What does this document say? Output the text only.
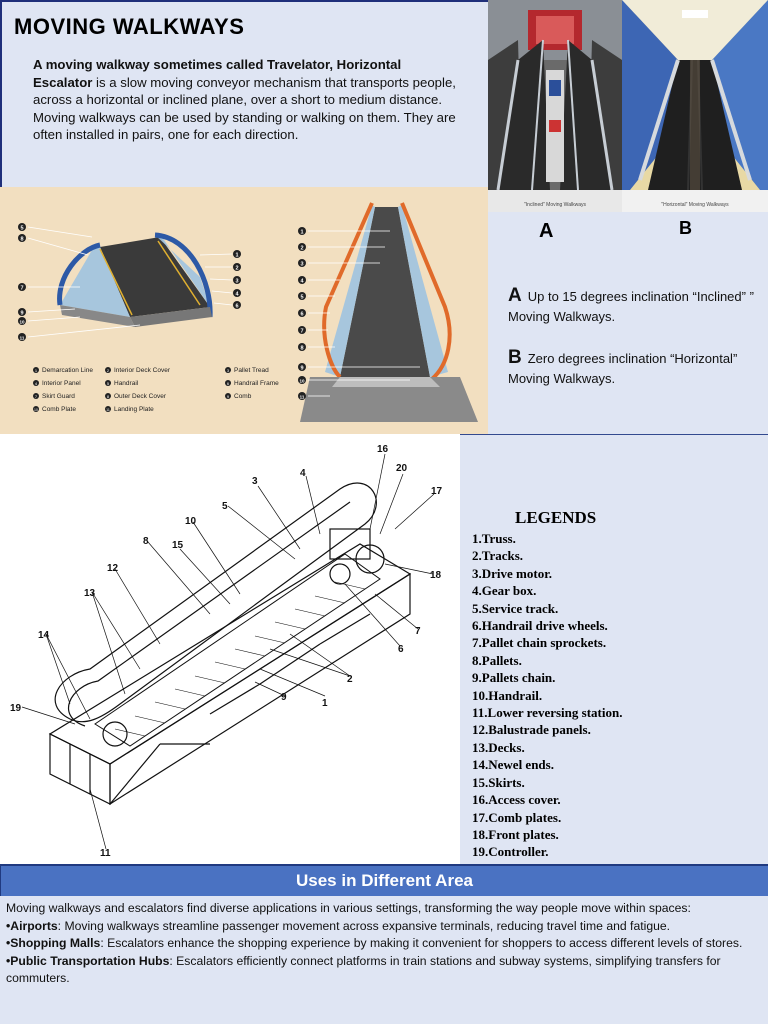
MOVING WALKWAYS

A moving walkway sometimes called Travelator, Horizontal Escalator is a slow moving conveyor mechanism that transports people, across a horizontal or inclined plane, over a short to medium distance. Moving walkways can be used by standing or walking on them. They are often installed in pairs, one for each direction.

"Inclined" Moving Walkways	"Horizontal" Moving Walkways
A	B
A Up to 15 degrees inclination “Inclined” ” Moving Walkways.
B Zero degrees inclination “Horizontal” Moving Walkways.
5
8
7
9
10
11
1
2
3
4
6
1
2
3
4
5
6
7
8
9
10
11
1 Demarcation Line	2 Interior Deck Cover	3 Pallet Tread
4 Interior Panel	5 Handrail	6 Handrail Frame
7 Skirt Guard	8 Outer Deck Cover	9 Comb
10 Comb Plate	11 Landing Plate
1
2
3
4
5
6
7
8
9
10
11
12
13
14
15
16
17
18
19
20
LEGENDS
1.Truss.
2.Tracks.
3.Drive motor.
4.Gear box.
5.Service track.
6.Handrail drive wheels.
7.Pallet chain sprockets.
8.Pallets.
9.Pallets chain.
10.Handrail.
11.Lower reversing station.
12.Balustrade panels.
13.Decks.
14.Newel ends.
15.Skirts.
16.Access cover.
17.Comb plates.
18.Front plates.
19.Controller.
Uses in Different Area

Moving walkways and escalators find diverse applications in various settings, transforming the way people move within spaces:

•Airports: Moving walkways streamline passenger movement across expansive terminals, reducing travel time and fatigue.

•Shopping Malls: Escalators enhance the shopping experience by making it convenient for shoppers to access different levels of stores.

•Public Transportation Hubs: Escalators efficiently connect platforms in train stations and subway systems, simplifying transfers for commuters.
